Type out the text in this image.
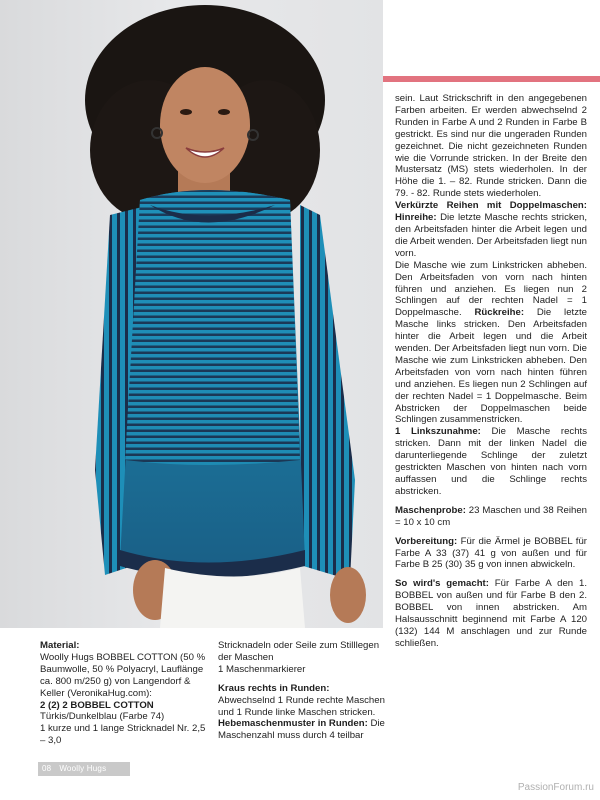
sein. Laut Strickschrift in den angegebenen Farben arbeiten. Er werden abwechselnd 2 Runden in Farbe A und 2 Runden in Farbe B gestrickt. Es sind nur die ungeraden Runden gezeichnet. Die nicht gezeichneten Runden wie die Vorrunde stricken. In der Breite den Mustersatz (MS) stets wiederholen. In der Höhe die 1. – 82. Runde stricken. Dann die 79. - 82. Runde stets wiederholen.

Verkürzte Reihen mit Doppelmaschen: Hinreihe: Die letzte Masche rechts stricken, den Arbeitsfaden hinter die Arbeit legen und die Arbeit wenden. Der Arbeitsfaden liegt nun vorn.

Die Masche wie zum Linkstricken abheben. Den Arbeitsfaden von vorn nach hinten führen und anziehen. Es liegen nun 2 Schlingen auf der rechten Nadel = 1 Doppelmasche. Rückreihe: Die letzte Masche links stricken. Den Arbeitsfaden hinter die Arbeit legen und die Arbeit wenden. Der Arbeitsfaden liegt nun vorn. Die Masche wie zum Linkstricken abheben. Den Arbeitsfaden von vorn nach hinten führen und anziehen. Es liegen nun 2 Schlingen auf der rechten Nadel = 1 Doppelmasche. Beim Abstricken der Doppelmaschen beide Schlingen zusammenstricken.

1 Linkszunahme: Die Masche rechts stricken. Dann mit der linken Nadel die darunterliegende Schlinge der zuletzt gestrickten Maschen von hinten nach vorn auffassen und die Schlinge rechts abstricken.

Maschenprobe: 23 Maschen und 38 Reihen = 10 x 10 cm

Vorbereitung: Für die Ärmel je BOBBEL für Farbe A 33 (37) 41 g von außen und für Farbe B 25 (30) 35 g von innen abwickeln.

So wird's gemacht: Für Farbe A den 1. BOBBEL von außen und für Farbe B den 2. BOBBEL von innen abstricken. Am Halsausschnitt beginnend mit Farbe A 120 (132) 144 M anschlagen und zur Runde schließen.

Material:

Woolly Hugs BOBBEL COTTON (50 % Baumwolle, 50 % Polyacryl, Lauflänge ca. 800 m/250 g) von Langendorf & Keller (VeronikaHug.com):

2 (2) 2 BOBBEL COTTON Türkis/Dunkelblau (Farbe 74)

1 kurze und 1 lange Stricknadel Nr. 2,5 – 3,0

Stricknadeln oder Seile zum Stilllegen der Maschen

1 Maschenmarkierer

Kraus rechts in Runden: Abwechselnd 1 Runde rechte Maschen und 1 Runde linke Maschen stricken.

Hebemaschenmuster in Runden: Die Maschenzahl muss durch 4 teilbar

08 Woolly Hugs
PassionForum.ru
